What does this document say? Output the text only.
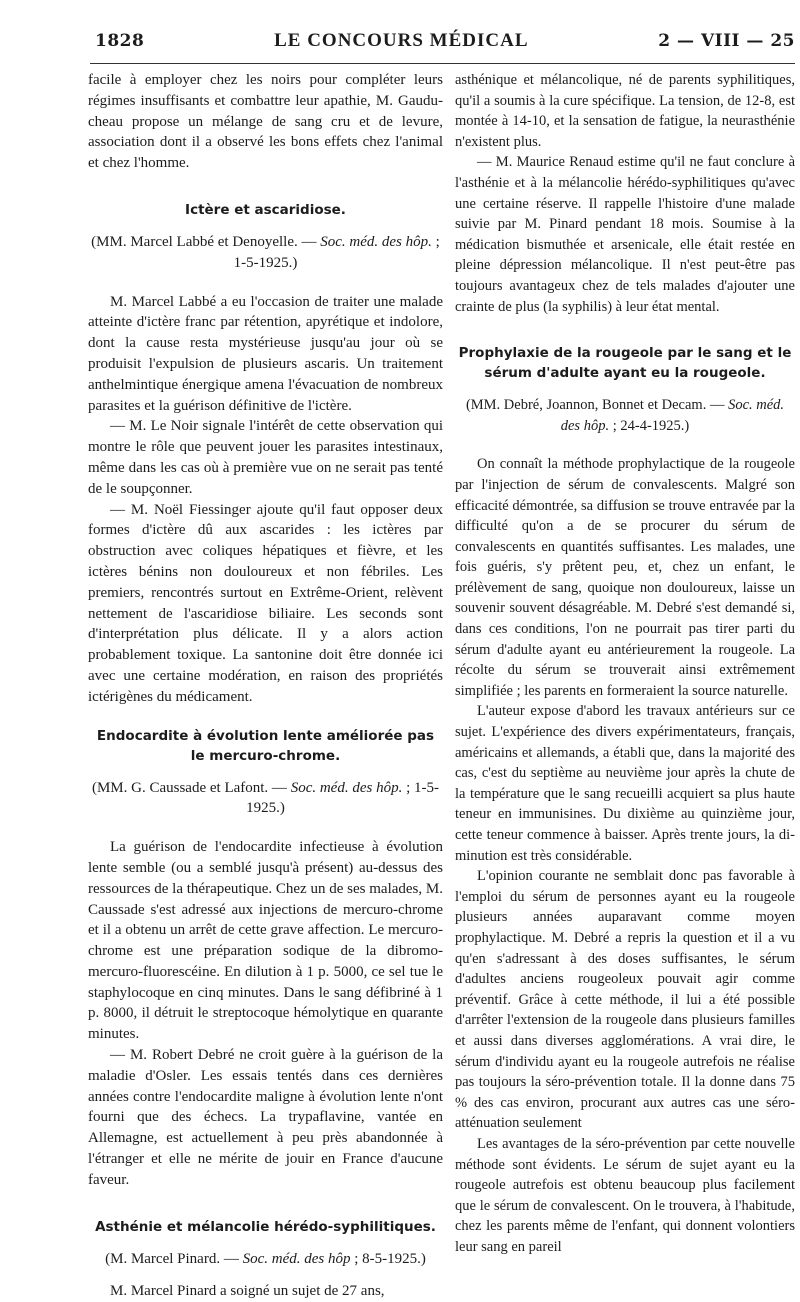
1828	LE CONCOURS MÉDICAL	2 — VIII — 25

facile à employer chez les noirs pour compléter leurs régimes insuffisants et combattre leur apathie, M. Gauducheau propose un mélange de sang cru et de levure, association dont il a observé les bons effets chez l'animal et chez l'homme.

Ictère et ascaridiose.

(MM. Marcel Labbé et Denoyelle. — Soc. méd. des hôp. ; 1-5-1925.)

M. Marcel Labbé a eu l'occasion de traiter une malade atteinte d'ictère franc par rétention, apyrétique et indolore, dont la cause resta mystérieuse jusqu'au jour où se produisit l'expulsion de plusieurs ascaris. Un traitement anthelmintique énergique amena l'évacuation de nombreux parasites et la guérison définitive de l'ictère.

— M. Le Noir signale l'intérêt de cette observation qui montre le rôle que peuvent jouer les parasites intestinaux, même dans les cas où à première vue on ne serait pas tenté de le soupçonner.

— M. Noël Fiessinger ajoute qu'il faut opposer deux formes d'ictère dû aux ascarides : les ictères par obstruction avec coliques hépatiques et fièvre, et les ictères bénins non douloureux et non fébriles. Les premiers, rencontrés surtout en Extrême-Orient, relèvent nettement de l'ascaridiose biliaire. Les seconds sont d'interprétation plus délicate. Il y a alors action probablement toxique. La santonine doit être donnée ici avec une certaine modération, en raison des propriétés ictérigènes du médicament.

Endocardite à évolution lente améliorée pas le mercuro-chrome.

(MM. G. Caussade et Lafont. — Soc. méd. des hôp. ; 1-5-1925.)

La guérison de l'endocardite infectieuse à évolution lente semble (ou a semblé jusqu'à présent) au-dessus des ressources de la thérapeutique. Chez un de ses malades, M. Caussade s'est adressé aux injections de mercuro-chrome et il a obtenu un arrêt de cette grave affection. Le mercuro-chrome est une préparation sodique de la dibromo-mercuro-fluorescéine. En dilution à 1 p. 5000, ce sel tue le staphylocoque en cinq minutes. Dans le sang défibriné à 1 p. 8000, il détruit le streptocoque hémolytique en quarante minutes.

— M. Robert Debré ne croit guère à la guérison de la maladie d'Osler. Les essais tentés dans ces dernières années contre l'endocardite maligne à évolution lente n'ont fourni que des échecs. La trypaflavine, vantée en Allemagne, est actuellement à peu près abandonnée à l'étranger et elle ne mérite de jouir en France d'aucune faveur.

Asthénie et mélancolie hérédo-syphilitiques.

(M. Marcel Pinard. — Soc. méd. des hôp ; 8-5-1925.)

M. Marcel Pinard a soigné un sujet de 27 ans,

asthénique et mélancolique, né de parents syphilitiques, qu'il a soumis à la cure spécifique. La tension, de 12-8, est montée à 14-10, et la sensation de fatigue, la neurasthénie n'existent plus.

— M. Maurice Renaud estime qu'il ne faut conclure à l'asthénie et à la mélancolie hérédo-syphilitiques qu'avec une certaine réserve. Il rappelle l'histoire d'une malade suivie par M. Pinard pendant 18 mois. Soumise à la médication bismuthée et arsenicale, elle était restée en pleine dépression mélancolique. Il n'est peut-être pas toujours avantageux chez de tels malades d'ajouter une crainte de plus (la syphilis) à leur état mental.

Prophylaxie de la rougeole par le sang et le sérum d'adulte ayant eu la rougeole.

(MM. Debré, Joannon, Bonnet et Decam. — Soc. méd. des hôp. ; 24-4-1925.)

On connaît la méthode prophylactique de la rougeole par l'injection de sérum de convalescents. Malgré son efficacité démontrée, sa diffusion se trouve entravée par la difficulté qu'on a de se procurer du sérum de convalescents en quantités suffisantes. Les malades, une fois guéris, s'y prêtent peu, et, chez un enfant, le prélèvement de sang, quoique non douloureux, laisse un souvenir souvent désagréable. M. Debré s'est demandé si, dans ces conditions, l'on ne pourrait pas tirer parti du sérum d'adulte ayant eu antérieurement la rougeole. La récolte du sérum se trouverait ainsi extrêmement simplifiée ; les parents en formeraient la source naturelle.

L'auteur expose d'abord les travaux antérieurs sur ce sujet. L'expérience des divers expérimentateurs, français, américains et allemands, a établi que, dans la majorité des cas, c'est du septième au neuvième jour après la chute de la température que le sang recueilli acquiert sa plus haute teneur en immunisines. Du dixième au quinzième jour, cette teneur commence à baisser. Après trente jours, la diminution est très considérable.

L'opinion courante ne semblait donc pas favorable à l'emploi du sérum de personnes ayant eu la rougeole plusieurs années auparavant comme moyen prophylactique. M. Debré a repris la question et il a vu qu'en s'adressant à des doses suffisantes, le sérum d'adultes anciens rougeoleux pouvait agir comme préventif. Grâce à cette méthode, il lui a été possible d'arrêter l'extension de la rougeole dans plusieurs familles et aussi dans diverses agglomérations. A vrai dire, le sérum d'individu ayant eu la rougeole autrefois ne réalise pas toujours la séro-prévention totale. Il la donne dans 75 % des cas environ, procurant aux autres cas une séro-atténuation seulement

Les avantages de la séro-prévention par cette nouvelle méthode sont évidents. Le sérum de sujet ayant eu la rougeole autrefois est obtenu beaucoup plus facilement que le sérum de convalescent. On le trouvera, à l'habitude, chez les parents même de l'enfant, qui donnent volontiers leur sang en pareil
